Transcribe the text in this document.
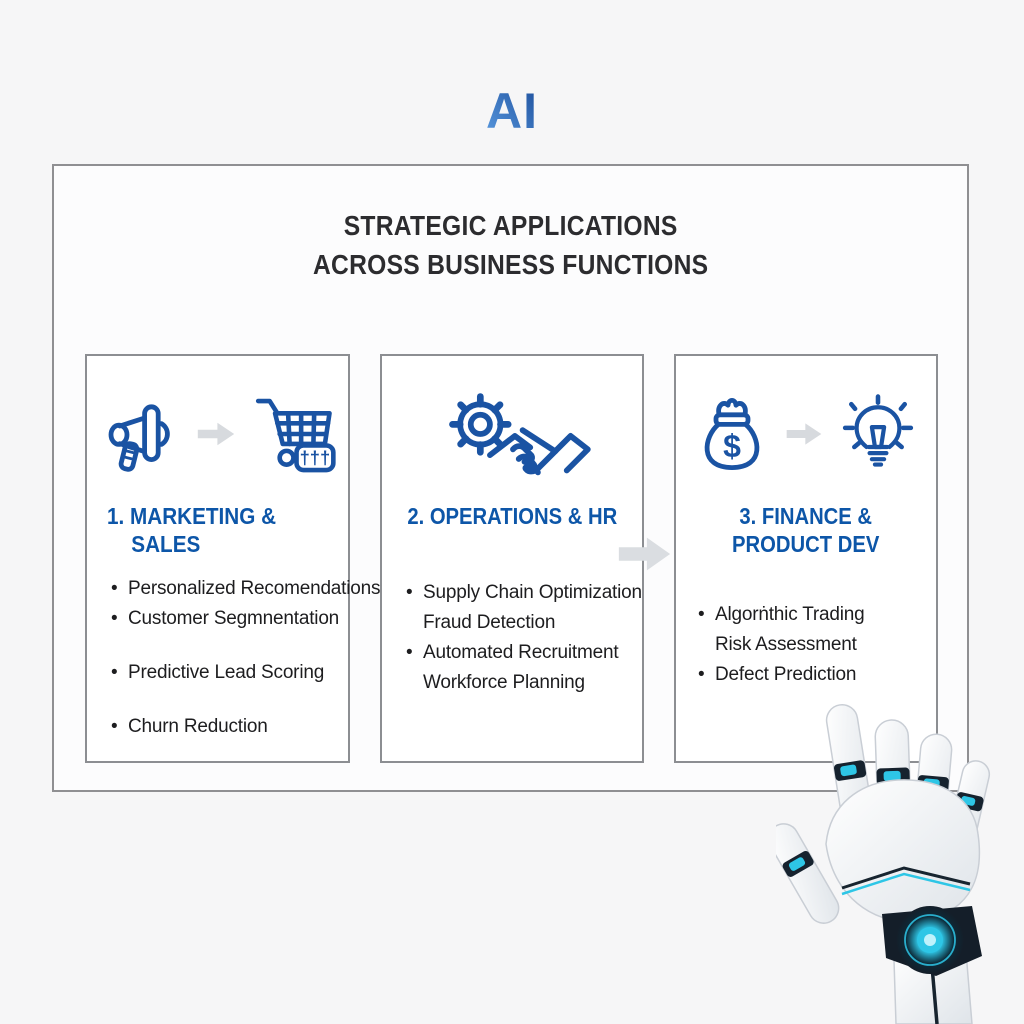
AI
STRATEGIC APPLICATIONS
ACROSS BUSINESS FUNCTIONS
†††
1. MARKETING &
SALES
• Personalized Recomendations
• Customer Segmnentation
• Predictive Lead Scoring
• Churn Reduction
2. OPERATIONS & HR
• Supply Chain Optimization
Fraud Detection
• Automated Recruitment
Workforce Planning
$
3. FINANCE &
PRODUCT DEV
• Algorṅthic Trading
Risk Assessment
• Defect Prediction
